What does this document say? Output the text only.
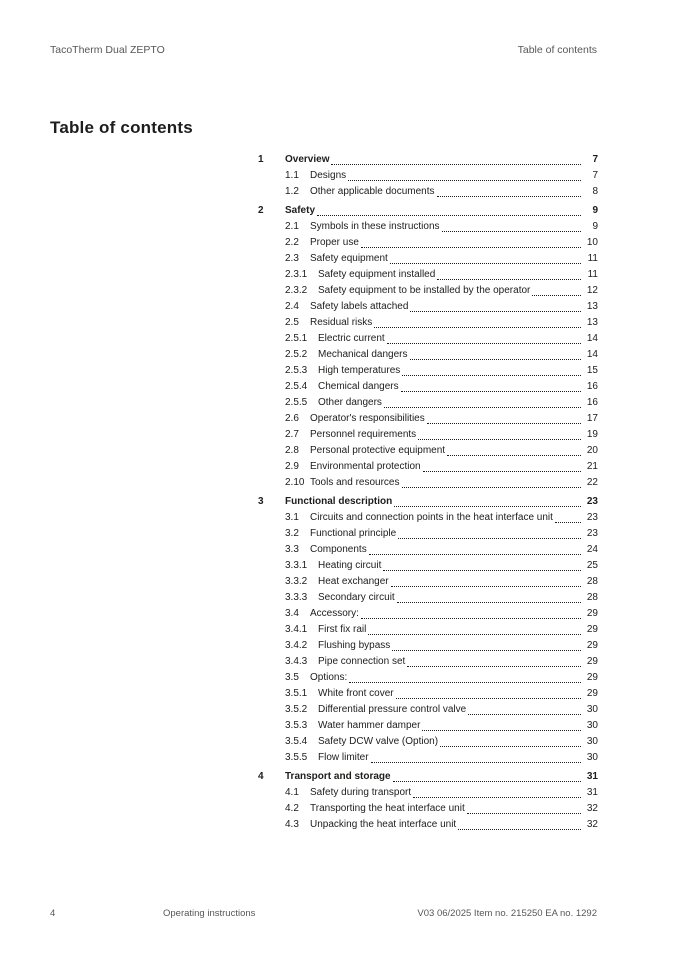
TacoTherm Dual ZEPTO	Table of contents
Table of contents
1	Overview	7
1.1	Designs	7
1.2	Other applicable documents	8
2	Safety	9
2.1	Symbols in these instructions	9
2.2	Proper use	10
2.3	Safety equipment	11
2.3.1	Safety equipment installed	11
2.3.2	Safety equipment to be installed by the operator	12
2.4	Safety labels attached	13
2.5	Residual risks	13
2.5.1	Electric current	14
2.5.2	Mechanical dangers	14
2.5.3	High temperatures	15
2.5.4	Chemical dangers	16
2.5.5	Other dangers	16
2.6	Operator's responsibilities	17
2.7	Personnel requirements	19
2.8	Personal protective equipment	20
2.9	Environmental protection	21
2.10 Tools and resources	22
3	Functional description	23
3.1	Circuits and connection points in the heat interface unit	23
3.2	Functional principle	23
3.3	Components	24
3.3.1	Heating circuit	25
3.3.2	Heat exchanger	28
3.3.3	Secondary circuit	28
3.4	Accessory:	29
3.4.1	First fix rail	29
3.4.2	Flushing bypass	29
3.4.3	Pipe connection set	29
3.5	Options:	29
3.5.1	White front cover	29
3.5.2	Differential pressure control valve	30
3.5.3	Water hammer damper	30
3.5.4	Safety DCW valve (Option)	30
3.5.5	Flow limiter	30
4	Transport and storage	31
4.1	Safety during transport	31
4.2	Transporting the heat interface unit	32
4.3	Unpacking the heat interface unit	32
4	Operating instructions	V03 06/2025 Item no. 215250 EA no. 1292
